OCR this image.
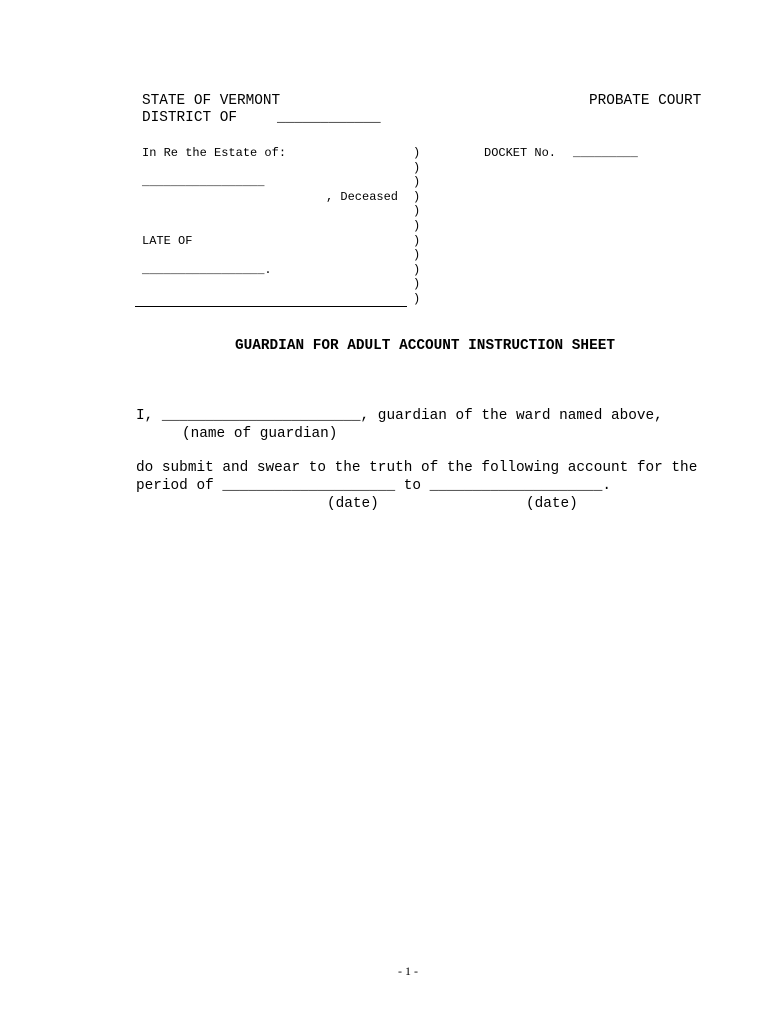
STATE OF VERMONT	PROBATE COURT
DISTRICT OF	____________
In Re the Estate of:
_________________
, Deceased
LATE OF
_________________.
)
)
)
)
)
)
)
)
)
)
)
DOCKET No. _________
GUARDIAN FOR ADULT ACCOUNT INSTRUCTION SHEET
I, _______________________, guardian of the ward named above,
(name of guardian)
do submit and swear to the truth of the following account for the
period of ____________________ to ____________________.
(date)	(date)
- 1 -
